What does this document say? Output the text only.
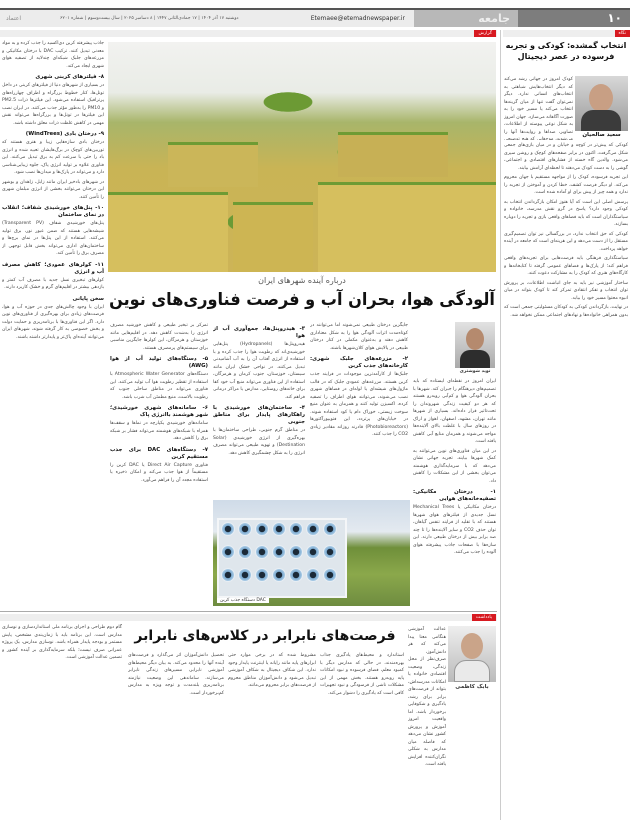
۱۰
جامعه
Etemaee@etemadnewspaper.ir
دوشنبه ۱۷ آذر ۱۴۰۴ | ۱۷ جمادی‌الثانی ۱۴۴۷ | ۸ دسامبر ۲۰۲۵ | سال بیست‌وسوم | شماره ۶۲۰۱
اعتماد
نگاه
گزارش
انتخاب گمشده: کودکی و تجربه فرسوده در عصر دیجیتال
سعید صالحیان

کودک امروز در جهانی رشد می‌کند که دیگر انتخاب‌هایش شباهتی به انتخاب‌های انسانی ندارد. دیگر نمی‌توان گفت تنها از میان گزینه‌ها انتخاب می‌کند یا مسیر خود را به صورت آگاهانه می‌سازد. جهان امروز به شکل نوعی پیوسته از اطلاعات، تصاویر، صداها و روایت‌ها آنها را می‌شوید، موج‌هایی که هیچ توضیحی

کودکی که پیش‌تر در کوچه و خیابان و در میان بازی‌های جمعی شکل می‌گرفت، اکنون در برابر صفحه‌های کوچک و روشن سپری می‌شود. والدین گاه خسته از فشارهای اقتصادی و اجتماعی، گوشی را به دست کودک می‌دهند تا لحظه‌ای آرامش بیابند.

این تجربه فرسوده، کودک را از مواجهه مستقیم با جهان محروم می‌کند. او دیگر فرصت کشف، خطا کردن و آموختن از تجربه را ندارد و همه چیز از پیش برای او آماده شده است.

پرسش اصلی این است که آیا هنوز امکان بازگرداندن انتخاب به کودکی وجود دارد؟ پاسخ در گرو نقش مدرسه، خانواده و سیاستگذاران است که باید فضاهای واقعی بازی و تجربه را دوباره بسازند.

کودکی که حق انتخاب ندارد، در بزرگسالی نیز توان تصمیم‌گیری مستقل را از دست می‌دهد و این هزینه‌ای است که جامعه در آینده خواهد پرداخت.

سیاستگذاری فرهنگی باید فرصت‌هایی برای تجربه‌های واقعی فراهم کند؛ از پارک‌ها و فضاهای عمومی گرفته تا کتابخانه‌ها و کارگاه‌های هنری که کودک را به مشارکت دعوت کنند.

ساختار آموزشی نیز باید به جای انباشت اطلاعات، بر پرورش توان انتخاب و تفکر انتقادی تمرکز کند تا کودک بتواند در میان انبوه محتوا مسیر خود را بیابد.

در نهایت، بازگرداندن کودکی به کودکان مسئولیتی جمعی است که بدون همراهی خانواده‌ها و نهادهای اجتماعی ممکن نخواهد شد.

درباره آینده شهرهای ایران
آلودگی هوا، بحران آب و فرصت فناوری‌های نوین
نوید شوشتری

ایران امروز در نقطه‌ای ایستاده که باید تصمیم‌های دیرهنگام را جبران کند. شهرها با بحران آلودگی هوا و کم‌آبی روبه‌رو هستند که هر دو کیفیت زندگی شهروندان را تحت‌تاثیر قرار داده‌اند. بسیاری از شهرها مانند تهران، مشهد، اصفهان، اهواز و اراک در روزهای سال با غلظت بالای آلاینده‌ها مواجه می‌شوند و همزمان منابع آبی کاهش یافته است.

در این میان فناوری‌های نوین می‌توانند به کمک شهرها بیایند. تجربه جهانی نشان می‌دهد که با سرمایه‌گذاری هوشمند می‌توان بخشی از این مشکلات را کاهش داد.

۱- درختان مکانیکی: تصفیه‌خانه‌های هوایی

درختان مکانیکی یا Mechanical Trees نسل جدیدی از فیلترهای هوای شهرها هستند که با تقلید از فرایند تنفس گیاهان، توان حذف CO2 و سایر آلاینده‌ها را تا چند صد برابر بیش از درختان طبیعی دارند. این سازه‌ها با صفحات جاذب پیشرفته هوای آلوده را جذب می‌کنند.

جایگزین درختان طبیعی نمی‌شوند اما می‌توانند در کوتاه‌مدت اثرات آلودگی هوا را به شکل معناداری کاهش دهند و به‌عنوان مکملی در کنار درختان طبیعی در پالایش هوای کلان‌شهرها باشند.

۲- مزرعه‌های جلبک شهری: کارخانه‌های جذب کربن

جلبک‌ها از کارآمدترین موجودات در فرایند جذب کربن هستند. مزرعه‌های عمودی جلبک که در قالب ماژول‌های شیشه‌ای یا لوله‌ای در فضاهای شهری نصب می‌شوند، می‌توانند هوای اطراف را تصفیه کرده، اکسیژن تولید کنند و همزمان به عنوان منبع سوخت زیستی، خوراک دام یا کود استفاده شوند. در خیابان‌های پرتردد، این فتوبیورآکتورها (Photobioreactors) قادرند روزانه مقادیر زیادی CO2 را جذب کنند.

۳- هیدروپنل‌ها، جمع‌آوری آب از هوا

هیدروپنل‌ها (Hydropanels) پنل‌هایی خورشیدی‌اند که رطوبت هوا را جذب کرده و با استفاده از انرژی آفتاب آن را به آب آشامیدنی تبدیل می‌کنند. در نواحی خشک ایران مانند سیستان، خوزستان، جنوب کرمان و هرمزگان، استفاده از این فناوری می‌تواند منبع آب خود کفا برای خانه‌های روستایی، مدارس یا مراکز درمانی فراهم کند.

۴- ساختمان‌های خورشیدی با راهکارهای پایدار برای مناطق جنوبی

در مناطق گرم جنوبی، طراحی ساختمان‌ها با بهره‌گیری از انرژی خورشیدی (Solar Destination) و تهویه طبیعی می‌تواند مصرف انرژی را به شکل چشمگیری کاهش دهد.

تمرکز بر تبخیر طبیعی و کاهش خورشید مصرف انرژی را به‌شدت کاهش دهد. در اقلیم‌هایی مانند خوزستان و هرمزگان، این کولرها جایگزین مناسبی برای سیستم‌های پرمصرف هستند.

۵- دستگاه‌های تولید آب از هوا (AWG)

دستگاه‌های Atmospheric Water Generator با استفاده از تقطیر رطوبت هوا آب تولید می‌کنند. این فناوری می‌تواند در مناطق ساحلی جنوب که رطوبت بالاست، منبع مطمئن آب شرب باشد.

۶- سامانه‌های شهری خورشیدی؛ شهر هوشمند باانرژی پاک

سامانه‌های خورشیدی یکپارچه در نماها و سقف‌ها همراه با شبکه‌های هوشمند می‌تواند فشار بر شبکه برق را کاهش دهد.

۷- دستگاه‌های DAC برای جذب مستقیم کربن

فناوری Direct Air Capture یا DAC کربن را مستقیماً از هوا جذب می‌کند و امکان ذخیره یا استفاده مجدد آن را فراهم می‌آورد.

جاذب پیشرفته کربن دی‌اکسید را جذب کرده و به مواد معدنی تبدیل کنند. ترکیب DAC با درختان مکانیکی و مزرعه‌های جلبک شبکه‌ای چندلایه از تصفیه هوای شهری ایجاد می‌کند.

۸- فیلترهای کربنی شهری

در بسیاری از شهرهای دنیا از فیلترهای کربنی در داخل تونل‌ها، کنار خطوط بزرگراه و اطراف چهارراه‌های پرترافیک استفاده می‌شود. این فیلترها ذرات PM2.5 و PM10 را به‌طور مؤثر جذب می‌کنند. در ایران نصب این فیلترها در تونل‌ها و بزرگراه‌ها می‌تواند نقش مهمی در کاهش غلظت ذرات معلق داشته باشد.

۹- درختان بادی (WindTrees)

درختان بادی سازه‌هایی زیبا و هنری هستند که توربین‌های کوچک در برگ‌هایشان تعبیه شده و انرژی باد را حتی با سرعت کم به برق تبدیل می‌کنند. این فناوری علاوه بر تولید انرژی پاک، جلوه زیبایی‌شناسی دارد و می‌تواند در پارک‌ها و میدان‌ها نصب شود.

در شهرهای بادخیز ایران مانند زابل، زاهدان و بوشهر این درختان می‌توانند بخشی از انرژی مبلمان شهری را تأمین کنند.

۱۰- پنل‌های خورشیدی شفاف؛ انقلاب در نمای ساختمان

پنل‌های خورشیدی شفاف (Transparent PV) شیشه‌هایی هستند که ضمن عبور نور، برق تولید می‌کنند. استفاده از این پنل‌ها در نمای برج‌ها و ساختمان‌های اداری می‌تواند بخش قابل توجهی از مصرف برق را تأمین کند.

۱۱- کولرهای عمودی؛ کاهش مصرف آب و انرژی

کولرهای تبخیری نسل جدید با مصرف آب کمتر و بازدهی بیشتر در اقلیم‌های گرم و خشک کاربرد دارند.

سخن پایانی

ایران با وجود چالش‌های جدی در حوزه آب و هوا، فرصت‌های زیادی برای بهره‌گیری از فناوری‌های نوین دارد. اگر این فناوری‌ها با برنامه‌ریزی و حمایت دولت و بخش خصوصی به کار گرفته شوند، شهرهای ایران می‌توانند آینده‌ای پاک‌تر و پایدارتر داشته باشند.

DAC دستگاه جذب کربن
یادداشت
بابک کاظمی
فرصت‌های نابرابر در کلاس‌های نابرابر	عدالت آموزشی هنگامی معنا پیدا می‌کند که هر دانش‌آموز، صرف‌نظر از محل زندگی، وضعیت اقتصادی خانواده یا امکانات مدرسه‌اش، بتواند از فرصت‌های برابر برای رشد، یادگیری و شکوفایی برخوردار باشد. اما واقعیت امروز آموزش و پرورش کشور نشان می‌دهد که فاصله میان مدارس به شکلی نگران‌کننده افزایش یافته است.

استاندارد و محیط‌های یادگیری جذاب بهره‌مندند، در حالی که مدارس دیگر با کمبود معلم، فضای فرسوده و نبود امکانات پایه روبه‌رو هستند. بخش مهمی از این مشکلات ناشی از فرسودگی و نبود تجهیزات کافی است که یادگیری را دشوار می‌کند.

مشروط شده که در برخی موارد حتی ابزارهای پایه مانند رایانه یا اینترنت پایدار وجود ندارد. این شکاف دیجیتال به شکاف آموزشی تبدیل می‌شود و دانش‌آموزان مناطق محروم از فرصت‌های برابر محروم می‌مانند.

تحصیل دانش‌آموزان اثر می‌گذارد و فرصت‌های آینده آنها را محدود می‌کند. به بیان دیگر محیط‌های آموزشی نابرابر، مسیرهای زندگی نابرابر می‌سازند. ساماندهی این وضعیت نیازمند برنامه‌ریزی بلندمدت و توجه ویژه به مدارس کم‌برخوردار است.

گام دوم طراحی و اجرای برنامه ملی استانداردسازی و نوسازی مدارس است. این برنامه باید با زمان‌بندی مشخص، پایش مستمر و بودجه پایدار همراه باشد. نوسازی مدارس، یک پروژه عمرانی صرف نیست؛ بلکه سرمایه‌گذاری بر آینده کشور و تضمین عدالت آموزشی است.
